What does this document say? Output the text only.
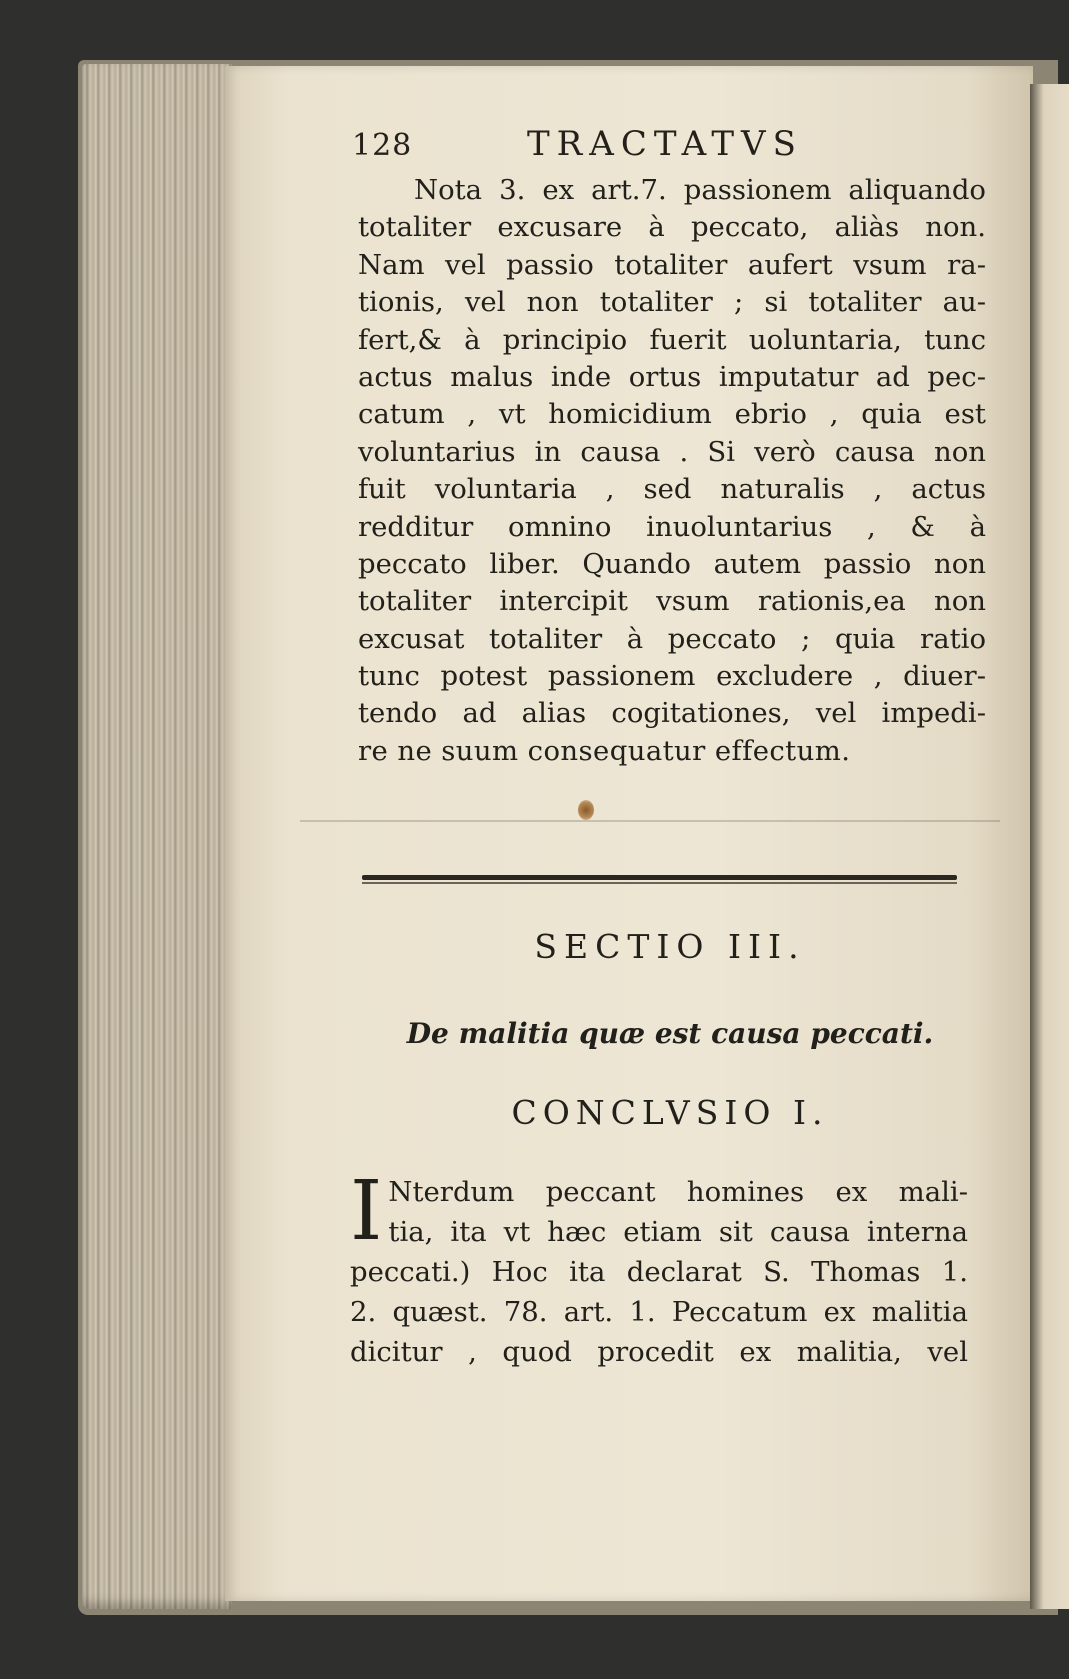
128	TRACTATVS
Nota 3. ex art.7. passionem aliquando
totaliter excusare à peccato, aliàs non.
Nam vel passio totaliter aufert vsum ra-
tionis, vel non totaliter ; si totaliter au-
fert,& à principio fuerit uoluntaria, tunc
actus malus inde ortus imputatur ad pec-
catum , vt homicidium ebrio , quia est
voluntarius in causa . Si verò causa non
fuit voluntaria , sed naturalis , actus
redditur omnino inuoluntarius , & à
peccato liber. Quando autem passio non
totaliter intercipit vsum rationis,ea non
excusat totaliter à peccato ; quia ratio
tunc potest passionem excludere , diuer-
tendo ad alias cogitationes, vel impedi-
re ne suum consequatur effectum.
SECTIO III.
De malitia quæ est causa peccati.
CONCLVSIO I.
I Nterdum peccant homines ex mali-
tia, ita vt hæc etiam sit causa interna
peccati.) Hoc ita declarat S. Thomas 1.
2. quæst. 78. art. 1. Peccatum ex malitia
dicitur , quod procedit ex malitia, vel
